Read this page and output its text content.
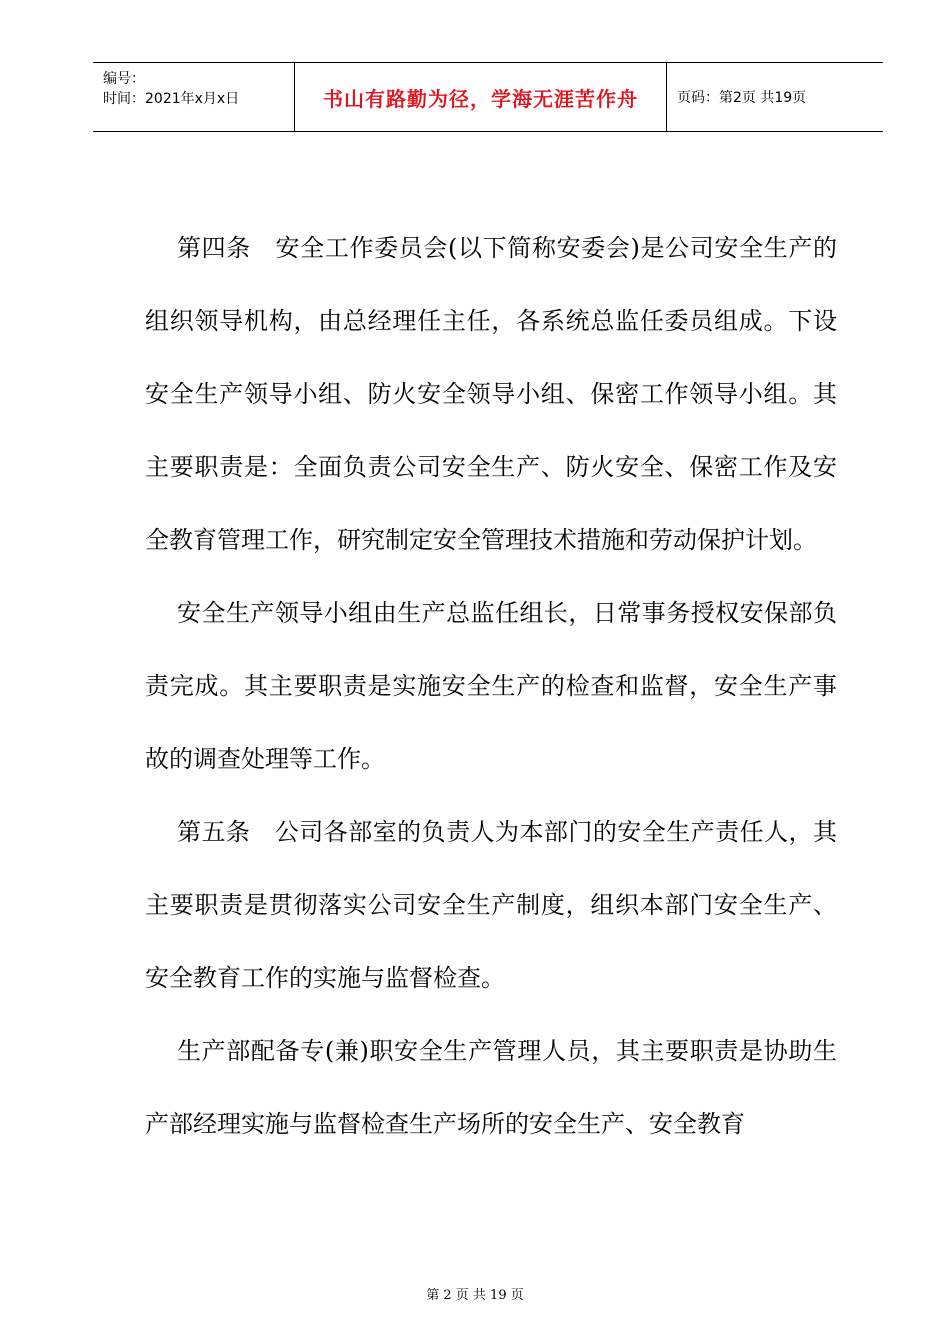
编号：
时间：2021年x月x日	书山有路勤为径，学海无涯苦作舟	页码：第2页 共19页

第四条　安全工作委员会(以下简称安委会)是公司安全生产的组织领导机构，由总经理任主任，各系统总监任委员组成。下设安全生产领导小组、防火安全领导小组、保密工作领导小组。其主要职责是：全面负责公司安全生产、防火安全、保密工作及安全教育管理工作，研究制定安全管理技术措施和劳动保护计划。

安全生产领导小组由生产总监任组长，日常事务授权安保部负责完成。其主要职责是实施安全生产的检查和监督，安全生产事故的调查处理等工作。

第五条　公司各部室的负责人为本部门的安全生产责任人，其主要职责是贯彻落实公司安全生产制度，组织本部门安全生产、安全教育工作的实施与监督检查。

生产部配备专(兼)职安全生产管理人员，其主要职责是协助生产部经理实施与监督检查生产场所的安全生产、安全教育

第 2 页 共 19 页
